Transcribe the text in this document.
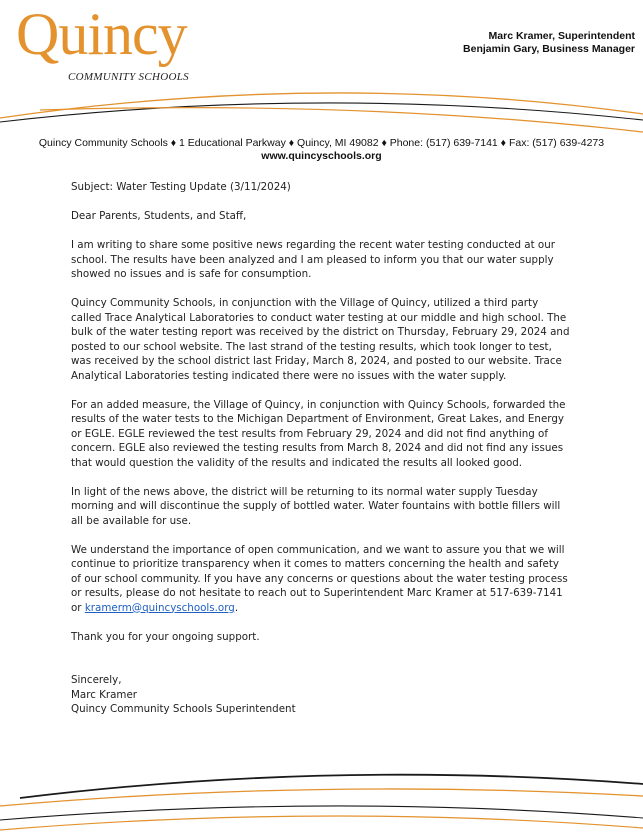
Quincy
COMMUNITY SCHOOLS
Marc Kramer, Superintendent
Benjamin Gary, Business Manager
Quincy Community Schools ♦ 1 Educational Parkway ♦ Quincy, MI 49082 ♦ Phone: (517) 639-7141 ♦ Fax: (517) 639-4273
www.quincyschools.org

Subject: Water Testing Update (3/11/2024)

Dear Parents, Students, and Staff,

I am writing to share some positive news regarding the recent water testing conducted at our school. The results have been analyzed and I am pleased to inform you that our water supply showed no issues and is safe for consumption.

Quincy Community Schools, in conjunction with the Village of Quincy, utilized a third party called Trace Analytical Laboratories to conduct water testing at our middle and high school. The bulk of the water testing report was received by the district on Thursday, February 29, 2024 and posted to our school website. The last strand of the testing results, which took longer to test, was received by the school district last Friday, March 8, 2024, and posted to our website. Trace Analytical Laboratories testing indicated there were no issues with the water supply.

For an added measure, the Village of Quincy, in conjunction with Quincy Schools, forwarded the results of the water tests to the Michigan Department of Environment, Great Lakes, and Energy or EGLE. EGLE reviewed the test results from February 29, 2024 and did not find anything of concern. EGLE also reviewed the testing results from March 8, 2024 and did not find any issues that would question the validity of the results and indicated the results all looked good.

In light of the news above, the district will be returning to its normal water supply Tuesday morning and will discontinue the supply of bottled water. Water fountains with bottle fillers will all be available for use.

We understand the importance of open communication, and we want to assure you that we will continue to prioritize transparency when it comes to matters concerning the health and safety of our school community. If you have any concerns or questions about the water testing process or results, please do not hesitate to reach out to Superintendent Marc Kramer at 517-639-7141 or kramerm@quincyschools.org.

Thank you for your ongoing support.

Sincerely,
Marc Kramer
Quincy Community Schools Superintendent
